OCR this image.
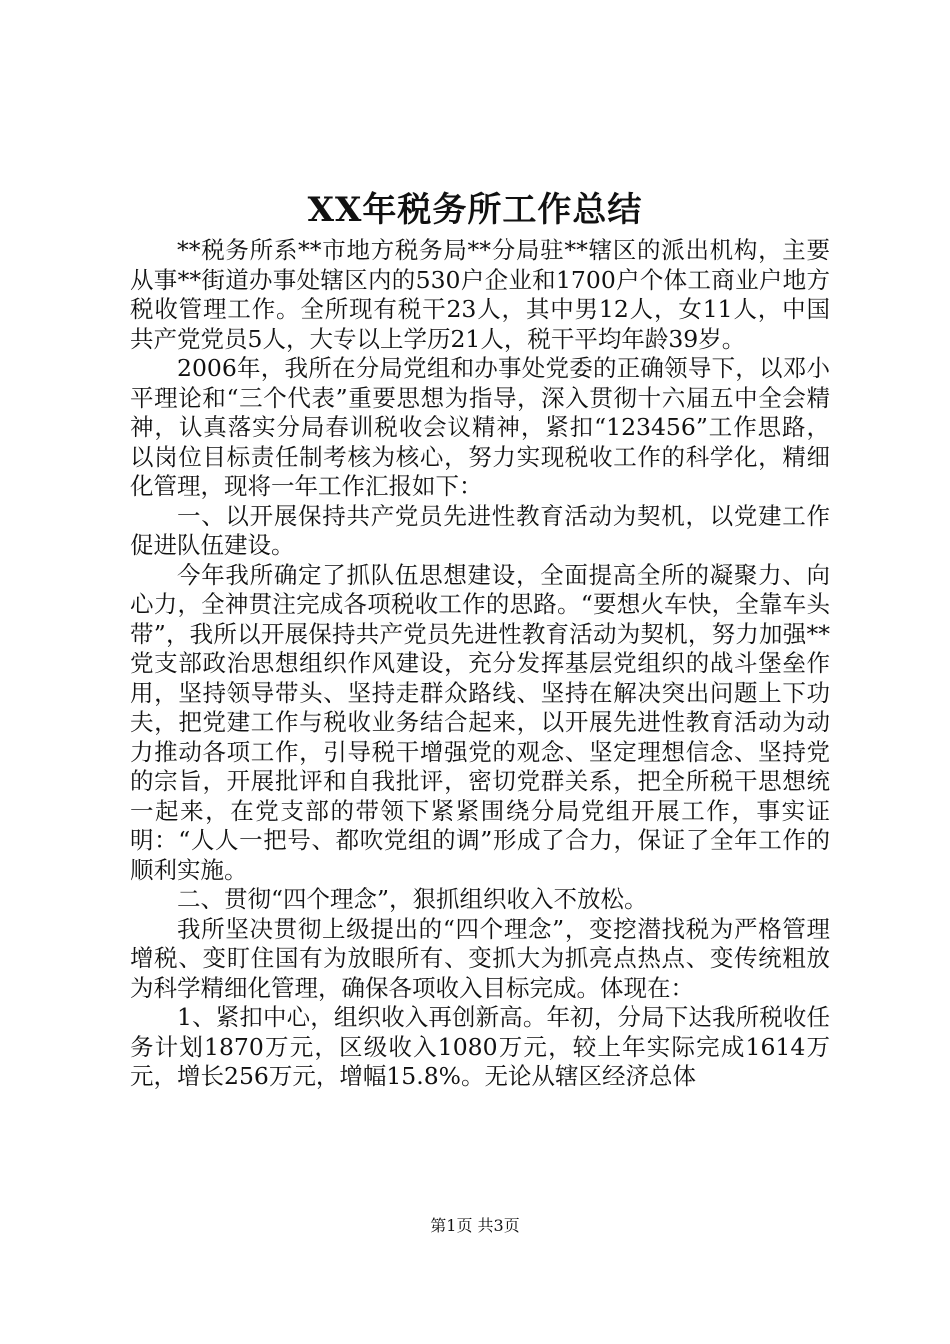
XX年税务所工作总结

**税务所系**市地方税务局**分局驻**辖区的派出机构，主要从事**街道办事处辖区内的530户企业和1700户个体工商业户地方税收管理工作。全所现有税干23人，其中男12人，女11人，中国共产党党员5人，大专以上学历21人，税干平均年龄39岁。

2006年，我所在分局党组和办事处党委的正确领导下，以邓小平理论和“三个代表”重要思想为指导，深入贯彻十六届五中全会精神，认真落实分局春训税收会议精神，紧扣“123456”工作思路，以岗位目标责任制考核为核心，努力实现税收工作的科学化，精细化管理，现将一年工作汇报如下：

一、以开展保持共产党员先进性教育活动为契机，以党建工作促进队伍建设。

今年我所确定了抓队伍思想建设，全面提高全所的凝聚力、向心力，全神贯注完成各项税收工作的思路。“要想火车快，全靠车头带”，我所以开展保持共产党员先进性教育活动为契机，努力加强**党支部政治思想组织作风建设，充分发挥基层党组织的战斗堡垒作用，坚持领导带头、坚持走群众路线、坚持在解决突出问题上下功夫，把党建工作与税收业务结合起来，以开展先进性教育活动为动力推动各项工作，引导税干增强党的观念、坚定理想信念、坚持党的宗旨，开展批评和自我批评，密切党群关系，把全所税干思想统一起来，在党支部的带领下紧紧围绕分局党组开展工作，事实证明：“人人一把号、都吹党组的调”形成了合力，保证了全年工作的顺利实施。

二、贯彻“四个理念”，狠抓组织收入不放松。

我所坚决贯彻上级提出的“四个理念”，变挖潜找税为严格管理增税、变盯住国有为放眼所有、变抓大为抓亮点热点、变传统粗放为科学精细化管理，确保各项收入目标完成。体现在：

1、紧扣中心，组织收入再创新高。年初，分局下达我所税收任务计划1870万元，区级收入1080万元，较上年实际完成1614万元，增长256万元，增幅15.8%。无论从辖区经济总体

第1页 共3页
